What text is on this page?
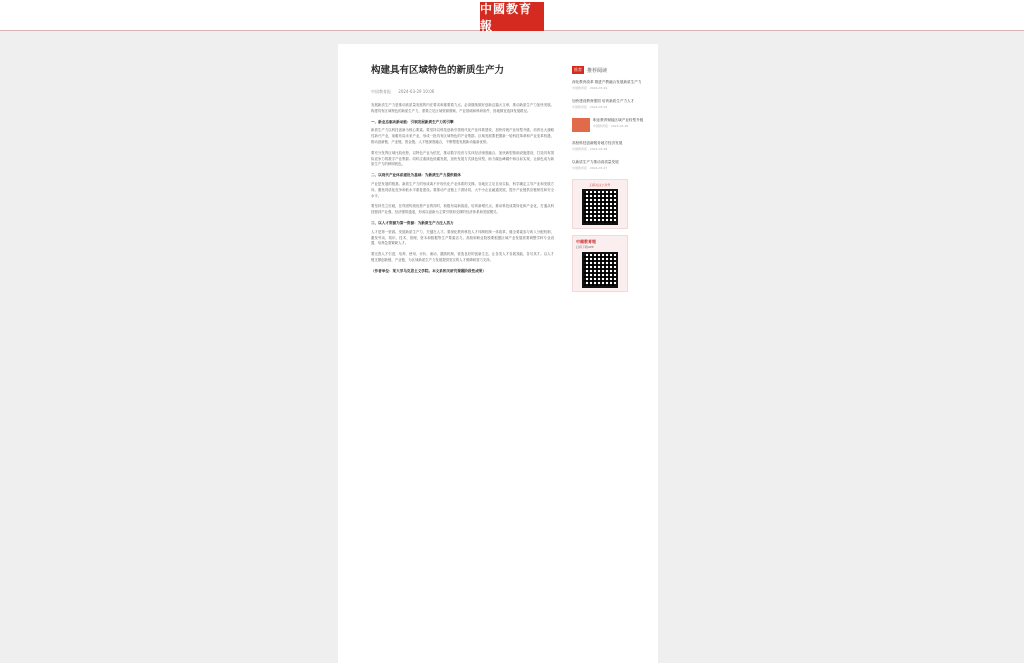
中國教育報
构建具有区域特色的新质生产力
中国教育报 2024-03-29 10:06
发展新质生产力是推动高质量发展的内在要求和重要着力点。必须继续做好创新这篇大文章，推动新质生产力加快发展。构建具有区域特色的新质生产力，需要立足区域资源禀赋、产业基础和科研条件，因地制宜选择发展路径。
一、新业态驱动新动能：引领发展新质生产力的引擎
新质生产力以科技创新为核心要素。要坚持以科技创新引领现代化产业体系建设，加快传统产业转型升级，培育壮大战略性新兴产业，前瞻布局未来产业，形成一批具有区域特色的产业集群。区域发展要把握新一轮科技革命和产业变革机遇，推动创新链、产业链、资金链、人才链深度融合，不断塑造发展新动能新优势。
要充分发挥区域比较优势，以特色产业为依托，推动数字经济与实体经济深度融合，加快新型基础设施建设，打造具有国际竞争力的数字产业集群。同时注重绿色低碳发展，加快发展方式绿色转型，助力碳达峰碳中和目标实现，让绿色成为新质生产力的鲜明底色。
二、以现代产业体系建设为基础：为新质生产力提供载体
产业是发展的根基。新质生产力的形成离不开现代化产业体系的支撑。各地应立足自身实际，科学确定主导产业和发展方向，避免同质化竞争和低水平重复建设。要推动产业链上下游协同、大中小企业融通发展，提升产业链供应链韧性和安全水平。
要坚持先立后破，在巩固传统优势产业的同时，积极布局新赛道，培育新增长点。推动科技成果转化和产业化，打通从科技强到产业强、经济强的通道，形成以创新为主要引领和支撑的经济体系和发展模式。
三、以人才资源为第一资源：为新质生产力注入活力
人才是第一资源。发展新质生产力，关键在人才。要深化教育科技人才体制机制一体改革，健全要素参与收入分配机制，激发劳动、知识、技术、管理、资本和数据等生产要素活力。高校和职业院校要根据区域产业发展需要调整学科专业设置，培养急需紧缺人才。
要完善人才引进、培养、使用、评价、流动、激励机制，营造良好的创新生态，让各类人才各展其能、各尽其才。以人才链支撑创新链、产业链，为区域新质生产力发展提供坚实的人才保障和智力支持。
（作者单位：某大学马克思主义学院。本文系相关研究课题阶段性成果）
推荐	推荐阅读
深化教育改革 推进产教融合发展新质生产力
中国教育报 · 2024-03-29
加快建设教育强国 培育新质生产力人才
中国教育报 · 2024-03-29
职业教育赋能区域产业转型升级
中国教育报 · 2024-03-28
高校科技创新服务地方经济发展
中国教育报 · 2024-03-28
以新质生产力推动高质量发展
中国教育报 · 2024-03-27
扫码关注公众号
中國教育報
扫码下载APP
